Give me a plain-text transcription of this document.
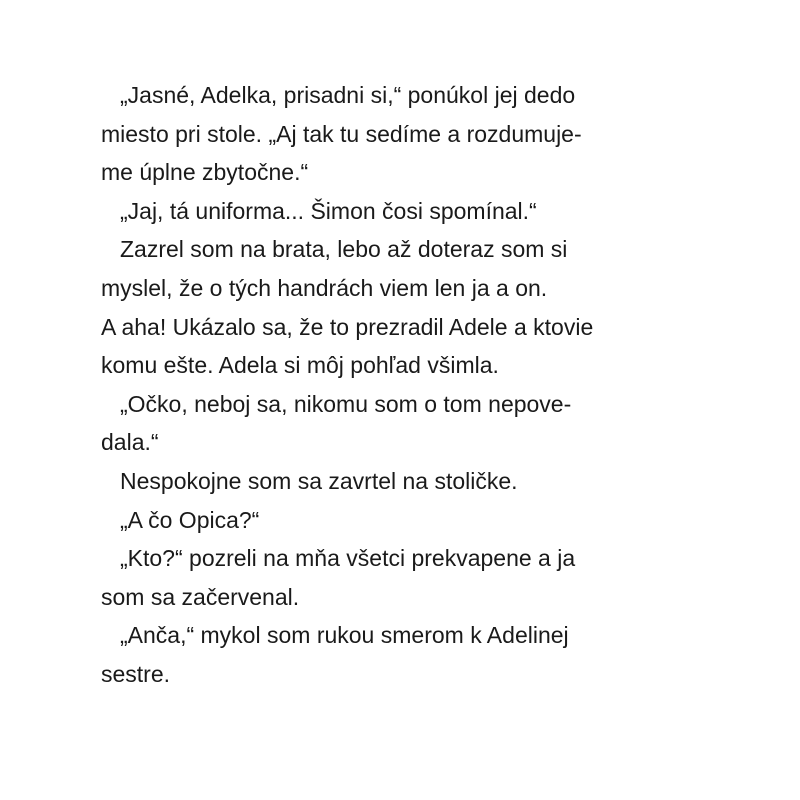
„Jasné, Adelka, prisadni si,“ ponúkol jej dedo
miesto pri stole. „Aj tak tu sedíme a rozdumuje-
me úplne zbytočne.“
„Jaj, tá uniforma... Šimon čosi spomínal.“
Zazrel som na brata, lebo až doteraz som si
myslel, že o tých handrách viem len ja a on.
A aha! Ukázalo sa, že to prezradil Adele a ktovie
komu ešte. Adela si môj pohľad všimla.
„Očko, neboj sa, nikomu som o tom nepove-
dala.“
Nespokojne som sa zavrtel na stoličke.
„A čo Opica?“
„Kto?“ pozreli na mňa všetci prekvapene a ja
som sa začervenal.
„Anča,“ mykol som rukou smerom k Adelinej
sestre.
